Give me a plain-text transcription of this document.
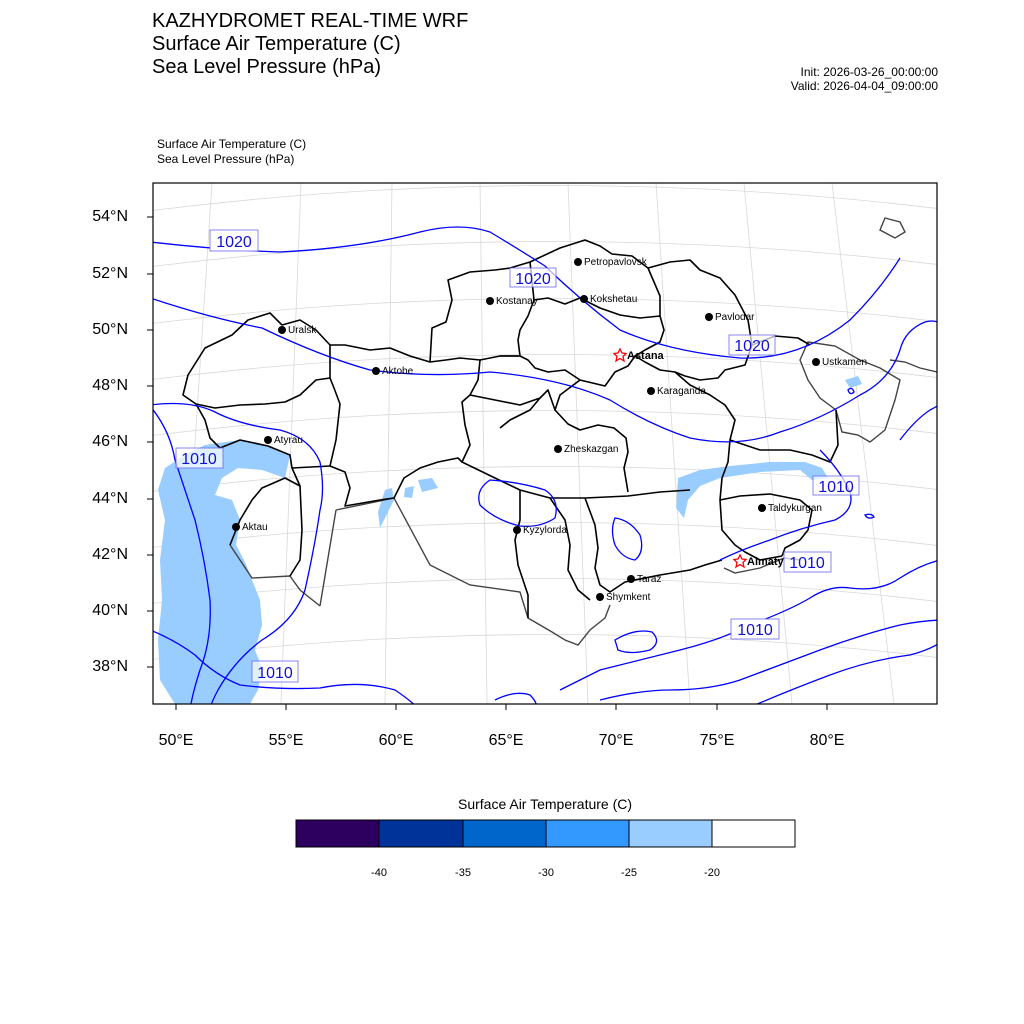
KAZHYDROMET REAL-TIME WRF
Surface Air Temperature (C)
Sea Level Pressure (hPa)	Init: 2026-03-26_00:00:00
Valid: 2026-04-04_09:00:00
Surface Air Temperature (C)
Sea Level Pressure (hPa)
1020
1020
1020
1010
1010
1010
1010
1010
Petropavlovsk
Kostanay	Kokshetau
Pavlodar
Uralsk
Astana
Aktobe
Ustkamen
Karaganda
Atyrau
Zheskazgan
Taldykurgan
Aktau	Kyzylorda
Almaty
Taraz
Shymkent
54°N
52°N
50°N
48°N
46°N
44°N
42°N
40°N
38°N
50°E	55°E	60°E	65°E	70°E	75°E	80°E
Surface Air Temperature (C)
-40	-35	-30	-25	-20
